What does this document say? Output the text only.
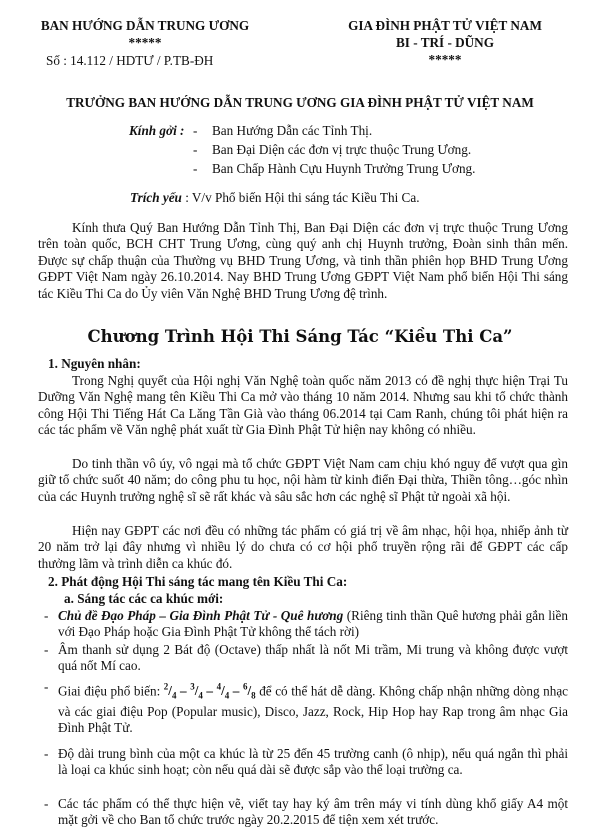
BAN HƯỚNG DẪN TRUNG ƯƠNG
*****
Số : 14.112 / HDTƯ / P.TB-ĐH
GIA ĐÌNH PHẬT TỬ VIỆT NAM
BI - TRÍ - DŨNG
*****
TRƯỞNG BAN HƯỚNG DẪN TRUNG ƯƠNG GIA ĐÌNH PHẬT TỬ VIỆT NAM
Kính gởi : - Ban Hướng Dẫn các Tỉnh Thị.
- Ban Đại Diện các đơn vị trực thuộc Trung Ương.
- Ban Chấp Hành Cựu Huynh Trưởng Trung Ương.
Trích yếu : V/v Phổ biến Hội thi sáng tác Kiều Thi Ca.
Kính thưa Quý Ban Hướng Dẫn Tỉnh Thị, Ban Đại Diện các đơn vị trực thuộc Trung Ương trên toàn quốc, BCH CHT Trung Ương, cùng quý anh chị Huynh trưởng, Đoàn sinh thân mến. Được sự chấp thuận của Thường vụ BHD Trung Ương, và tinh thần phiên họp BHD Trung Ương GĐPT Việt Nam ngày 26.10.2014. Nay BHD Trung Ương GĐPT Việt Nam phổ biến Hội Thi sáng tác Kiều Thi Ca do Ủy viên Văn Nghệ BHD Trung Ương đệ trình.
Chương Trình Hội Thi Sáng Tác “Kiều Thi Ca”
1. Nguyên nhân:
Trong Nghị quyết của Hội nghị Văn Nghệ toàn quốc năm 2013 có đề nghị thực hiện Trại Tu Dưỡng Văn Nghệ mang tên Kiều Thi Ca mở vào tháng 10 năm 2014. Nhưng sau khi tổ chức thành công Hội Thi Tiếng Hát Ca Lăng Tần Già vào tháng 06.2014 tại Cam Ranh, chúng tôi phát hiện ra các tác phẩm về Văn nghệ phát xuất từ Gia Đình Phật Tử hiện nay không có nhiều.
Do tinh thần vô úy, vô ngại mà tổ chức GĐPT Việt Nam cam chịu khó nguy để vượt qua gìn giữ tổ chức suốt 40 năm; do công phu tu học, nội hàm từ kinh điển Đại thừa, Thiền tông…góc nhìn của các Huynh trưởng nghệ sĩ sẽ rất khác và sâu sắc hơn các nghệ sĩ Phật tử ngoài xã hội.
Hiện nay GĐPT các nơi đều có những tác phẩm có giá trị về âm nhạc, hội họa, nhiếp ảnh từ 20 năm trở lại đây nhưng vì nhiều lý do chưa có cơ hội phổ truyền rộng rãi để GĐPT các cấp thưởng lãm và trình diễn ca khúc đó.
2. Phát động Hội Thi sáng tác mang tên Kiều Thi Ca:
a. Sáng tác các ca khúc mới:
- Chủ đề Đạo Pháp – Gia Đình Phật Tử - Quê hương (Riêng tinh thần Quê hương phải gắn liền với Đạo Pháp hoặc Gia Đình Phật Tử không thể tách rời)
- Âm thanh sử dụng 2 Bát độ (Octave) thấp nhất là nốt Mi trầm, Mi trung và không được vượt quá nốt Mí cao.
- Giai điệu phổ biến: $^2/_4 - ^3/_4 - ^4/_4 - ^6/_8$ để có thể hát dễ dàng. Không chấp nhận những dòng nhạc và các giai điệu Pop (Popular music), Disco, Jazz, Rock, Hip Hop hay Rap trong âm nhạc Gia Đình Phật Tử.
- Độ dài trung bình của một ca khúc là từ 25 đến 45 trường canh (ô nhịp), nếu quá ngắn thì phải là loại ca khúc sinh hoạt; còn nếu quá dài sẽ được sắp vào thể loại trường ca.
- Các tác phẩm có thể thực hiện vẽ, viết tay hay ký âm trên máy vi tính dùng khổ giấy A4 một mặt gởi về cho Ban tổ chức trước ngày 20.2.2015 để tiện xem xét trước.
